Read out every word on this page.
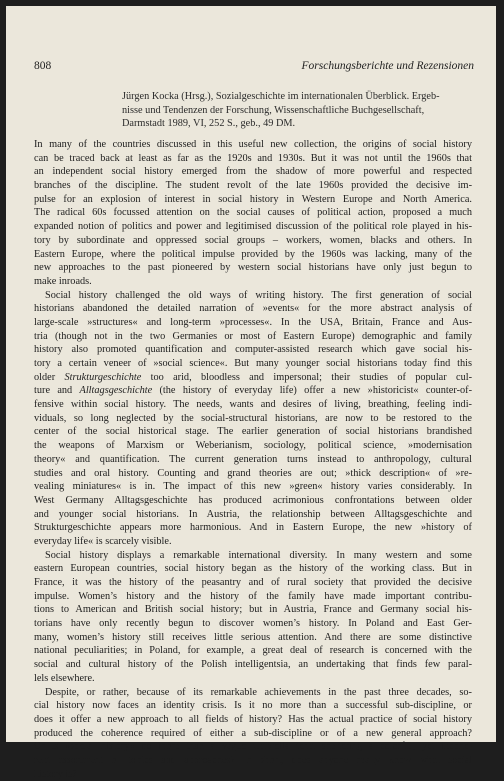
808	Forschungsberichte und Rezensionen
Jürgen Kocka (Hrsg.), Sozialgeschichte im internationalen Überblick. Ergeb-
nisse und Tendenzen der Forschung, Wissenschaftliche Buchgesellschaft,
Darmstadt 1989, VI, 252 S., geb., 49 DM.
In many of the countries discussed in this useful new collection, the origins of social history
can be traced back at least as far as the 1920s and 1930s. But it was not until the 1960s that
an independent social history emerged from the shadow of more powerful and respected
branches of the discipline. The student revolt of the late 1960s provided the decisive im-
pulse for an explosion of interest in social history in Western Europe and North America.
The radical 60s focussed attention on the social causes of political action, proposed a much
expanded notion of politics and power and legitimised discussion of the political role played in his-
tory by subordinate and oppressed social groups – workers, women, blacks and others. In
Eastern Europe, where the political impulse provided by the 1960s was lacking, many of the
new approaches to the past pioneered by western social historians have only just begun to
make inroads.
Social history challenged the old ways of writing history. The first generation of social
historians abandoned the detailed narration of »events« for the more abstract analysis of
large-scale »structures« and long-term »processes«. In the USA, Britain, France and Aus-
tria (though not in the two Germanies or most of Eastern Europe) demographic and family
history also promoted quantification and computer-assisted research which gave social his-
tory a certain veneer of »social science«. But many younger social historians today find this
older Strukturgeschichte too arid, bloodless and impersonal; their studies of popular cul-
ture and Alltagsgeschichte (the history of everyday life) offer a new »historicist« counter-of-
fensive within social history. The needs, wants and desires of living, breathing, feeling indi-
viduals, so long neglected by the social-structural historians, are now to be restored to the
center of the social historical stage. The earlier generation of social historians brandished
the weapons of Marxism or Weberianism, sociology, political science, »modernisation
theory« and quantification. The current generation turns instead to anthropology, cultural
studies and oral history. Counting and grand theories are out; »thick description« of »re-
vealing miniatures« is in. The impact of this new »green« history varies considerably. In
West Germany Alltagsgeschichte has produced acrimonious confrontations between older
and younger social historians. In Austria, the relationship between Alltagsgeschichte and
Strukturgeschichte appears more harmonious. And in Eastern Europe, the new »history of
everyday life« is scarcely visible.
Social history displays a remarkable international diversity. In many western and some
eastern European countries, social history began as the history of the working class. But in
France, it was the history of the peasantry and of rural society that provided the decisive
impulse. Women’s history and the history of the family have made important contribu-
tions to American and British social history; but in Austria, France and Germany social his-
torians have only recently begun to discover women’s history. In Poland and East Ger-
many, women’s history still receives little serious attention. And there are some distinctive
national peculiarities; in Poland, for example, a great deal of research is concerned with the
social and cultural history of the Polish intelligentsia, an undertaking that finds few paral-
lels elsewhere.
Despite, or rather, because of its remarkable achievements in the past three decades, so-
cial history now faces an identity crisis. Is it no more than a successful sub-discipline, or
does it offer a new approach to all fields of history? Has the actual practice of social history
produced the coherence required of either a sub-discipline or of a new general approach?
Or is »social history« no more than a vague umbrella term sheltering a colorful, yet incohe-
rent assortment of topics and approaches? In short, does anyone really know what social
history is?
